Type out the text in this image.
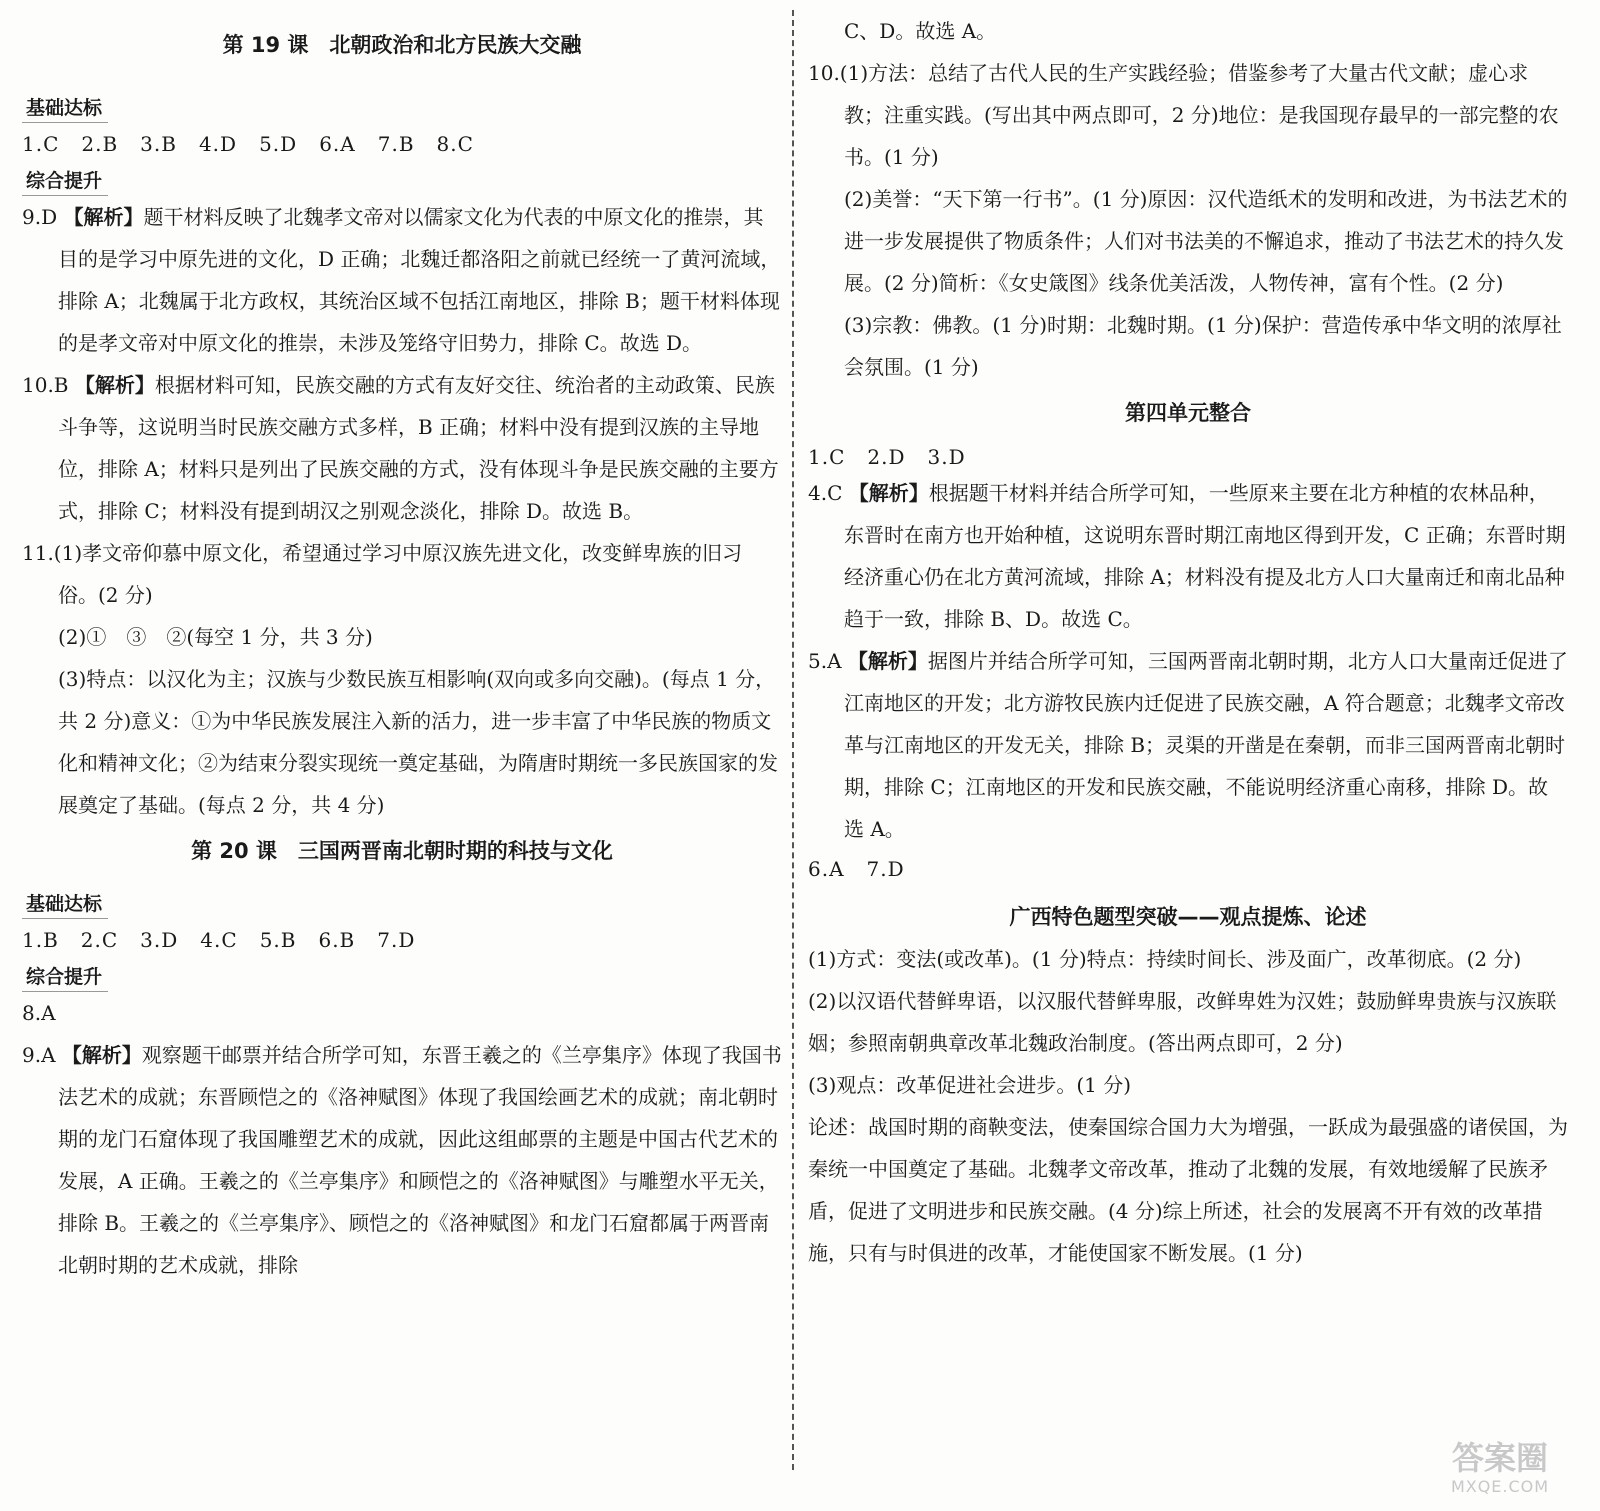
第 19 课　北朝政治和北方民族大交融
基础达标
1.C 2.B 3.B 4.D 5.D 6.A 7.B 8.C
综合提升

9.D 【解析】题干材料反映了北魏孝文帝对以儒家文化为代表的中原文化的推崇，其目的是学习中原先进的文化，D 正确；北魏迁都洛阳之前就已经统一了黄河流域，排除 A；北魏属于北方政权，其统治区域不包括江南地区，排除 B；题干材料体现的是孝文帝对中原文化的推崇，未涉及笼络守旧势力，排除 C。故选 D。

10.B 【解析】根据材料可知，民族交融的方式有友好交往、统治者的主动政策、民族斗争等，这说明当时民族交融方式多样，B 正确；材料中没有提到汉族的主导地位，排除 A；材料只是列出了民族交融的方式，没有体现斗争是民族交融的主要方式，排除 C；材料没有提到胡汉之别观念淡化，排除 D。故选 B。

11.(1)孝文帝仰慕中原文化，希望通过学习中原汉族先进文化，改变鲜卑族的旧习俗。(2 分)

(2)①　③　②(每空 1 分，共 3 分)

(3)特点：以汉化为主；汉族与少数民族互相影响(双向或多向交融)。(每点 1 分，共 2 分)意义：①为中华民族发展注入新的活力，进一步丰富了中华民族的物质文化和精神文化；②为结束分裂实现统一奠定基础，为隋唐时期统一多民族国家的发展奠定了基础。(每点 2 分，共 4 分)

第 20 课　三国两晋南北朝时期的科技与文化
基础达标
1.B 2.C 3.D 4.C 5.B 6.B 7.D
综合提升

8.A

9.A 【解析】观察题干邮票并结合所学可知，东晋王羲之的《兰亭集序》体现了我国书法艺术的成就；东晋顾恺之的《洛神赋图》体现了我国绘画艺术的成就；南北朝时期的龙门石窟体现了我国雕塑艺术的成就，因此这组邮票的主题是中国古代艺术的发展，A 正确。王羲之的《兰亭集序》和顾恺之的《洛神赋图》与雕塑水平无关，排除 B。王羲之的《兰亭集序》、顾恺之的《洛神赋图》和龙门石窟都属于两晋南北朝时期的艺术成就，排除

C、D。故选 A。

10.(1)方法：总结了古代人民的生产实践经验；借鉴参考了大量古代文献；虚心求教；注重实践。(写出其中两点即可，2 分)地位：是我国现存最早的一部完整的农书。(1 分)

(2)美誉：“天下第一行书”。(1 分)原因：汉代造纸术的发明和改进，为书法艺术的进一步发展提供了物质条件；人们对书法美的不懈追求，推动了书法艺术的持久发展。(2 分)简析：《女史箴图》线条优美活泼，人物传神，富有个性。(2 分)

(3)宗教：佛教。(1 分)时期：北魏时期。(1 分)保护：营造传承中华文明的浓厚社会氛围。(1 分)

第四单元整合
1.C 2.D 3.D

4.C 【解析】根据题干材料并结合所学可知，一些原来主要在北方种植的农林品种，东晋时在南方也开始种植，这说明东晋时期江南地区得到开发，C 正确；东晋时期经济重心仍在北方黄河流域，排除 A；材料没有提及北方人口大量南迁和南北品种趋于一致，排除 B、D。故选 C。

5.A 【解析】据图片并结合所学可知，三国两晋南北朝时期，北方人口大量南迁促进了江南地区的开发；北方游牧民族内迁促进了民族交融，A 符合题意；北魏孝文帝改革与江南地区的开发无关，排除 B；灵渠的开凿是在秦朝，而非三国两晋南北朝时期，排除 C；江南地区的开发和民族交融，不能说明经济重心南移，排除 D。故选 A。

6.A 7.D
广西特色题型突破——观点提炼、论述

(1)方式：变法(或改革)。(1 分)特点：持续时间长、涉及面广，改革彻底。(2 分)

(2)以汉语代替鲜卑语，以汉服代替鲜卑服，改鲜卑姓为汉姓；鼓励鲜卑贵族与汉族联姻；参照南朝典章改革北魏政治制度。(答出两点即可，2 分)

(3)观点：改革促进社会进步。(1 分)

论述：战国时期的商鞅变法，使秦国综合国力大为增强，一跃成为最强盛的诸侯国，为秦统一中国奠定了基础。北魏孝文帝改革，推动了北魏的发展，有效地缓解了民族矛盾，促进了文明进步和民族交融。(4 分)综上所述，社会的发展离不开有效的改革措施，只有与时俱进的改革，才能使国家不断发展。(1 分)

答案圈
MXQE.COM
